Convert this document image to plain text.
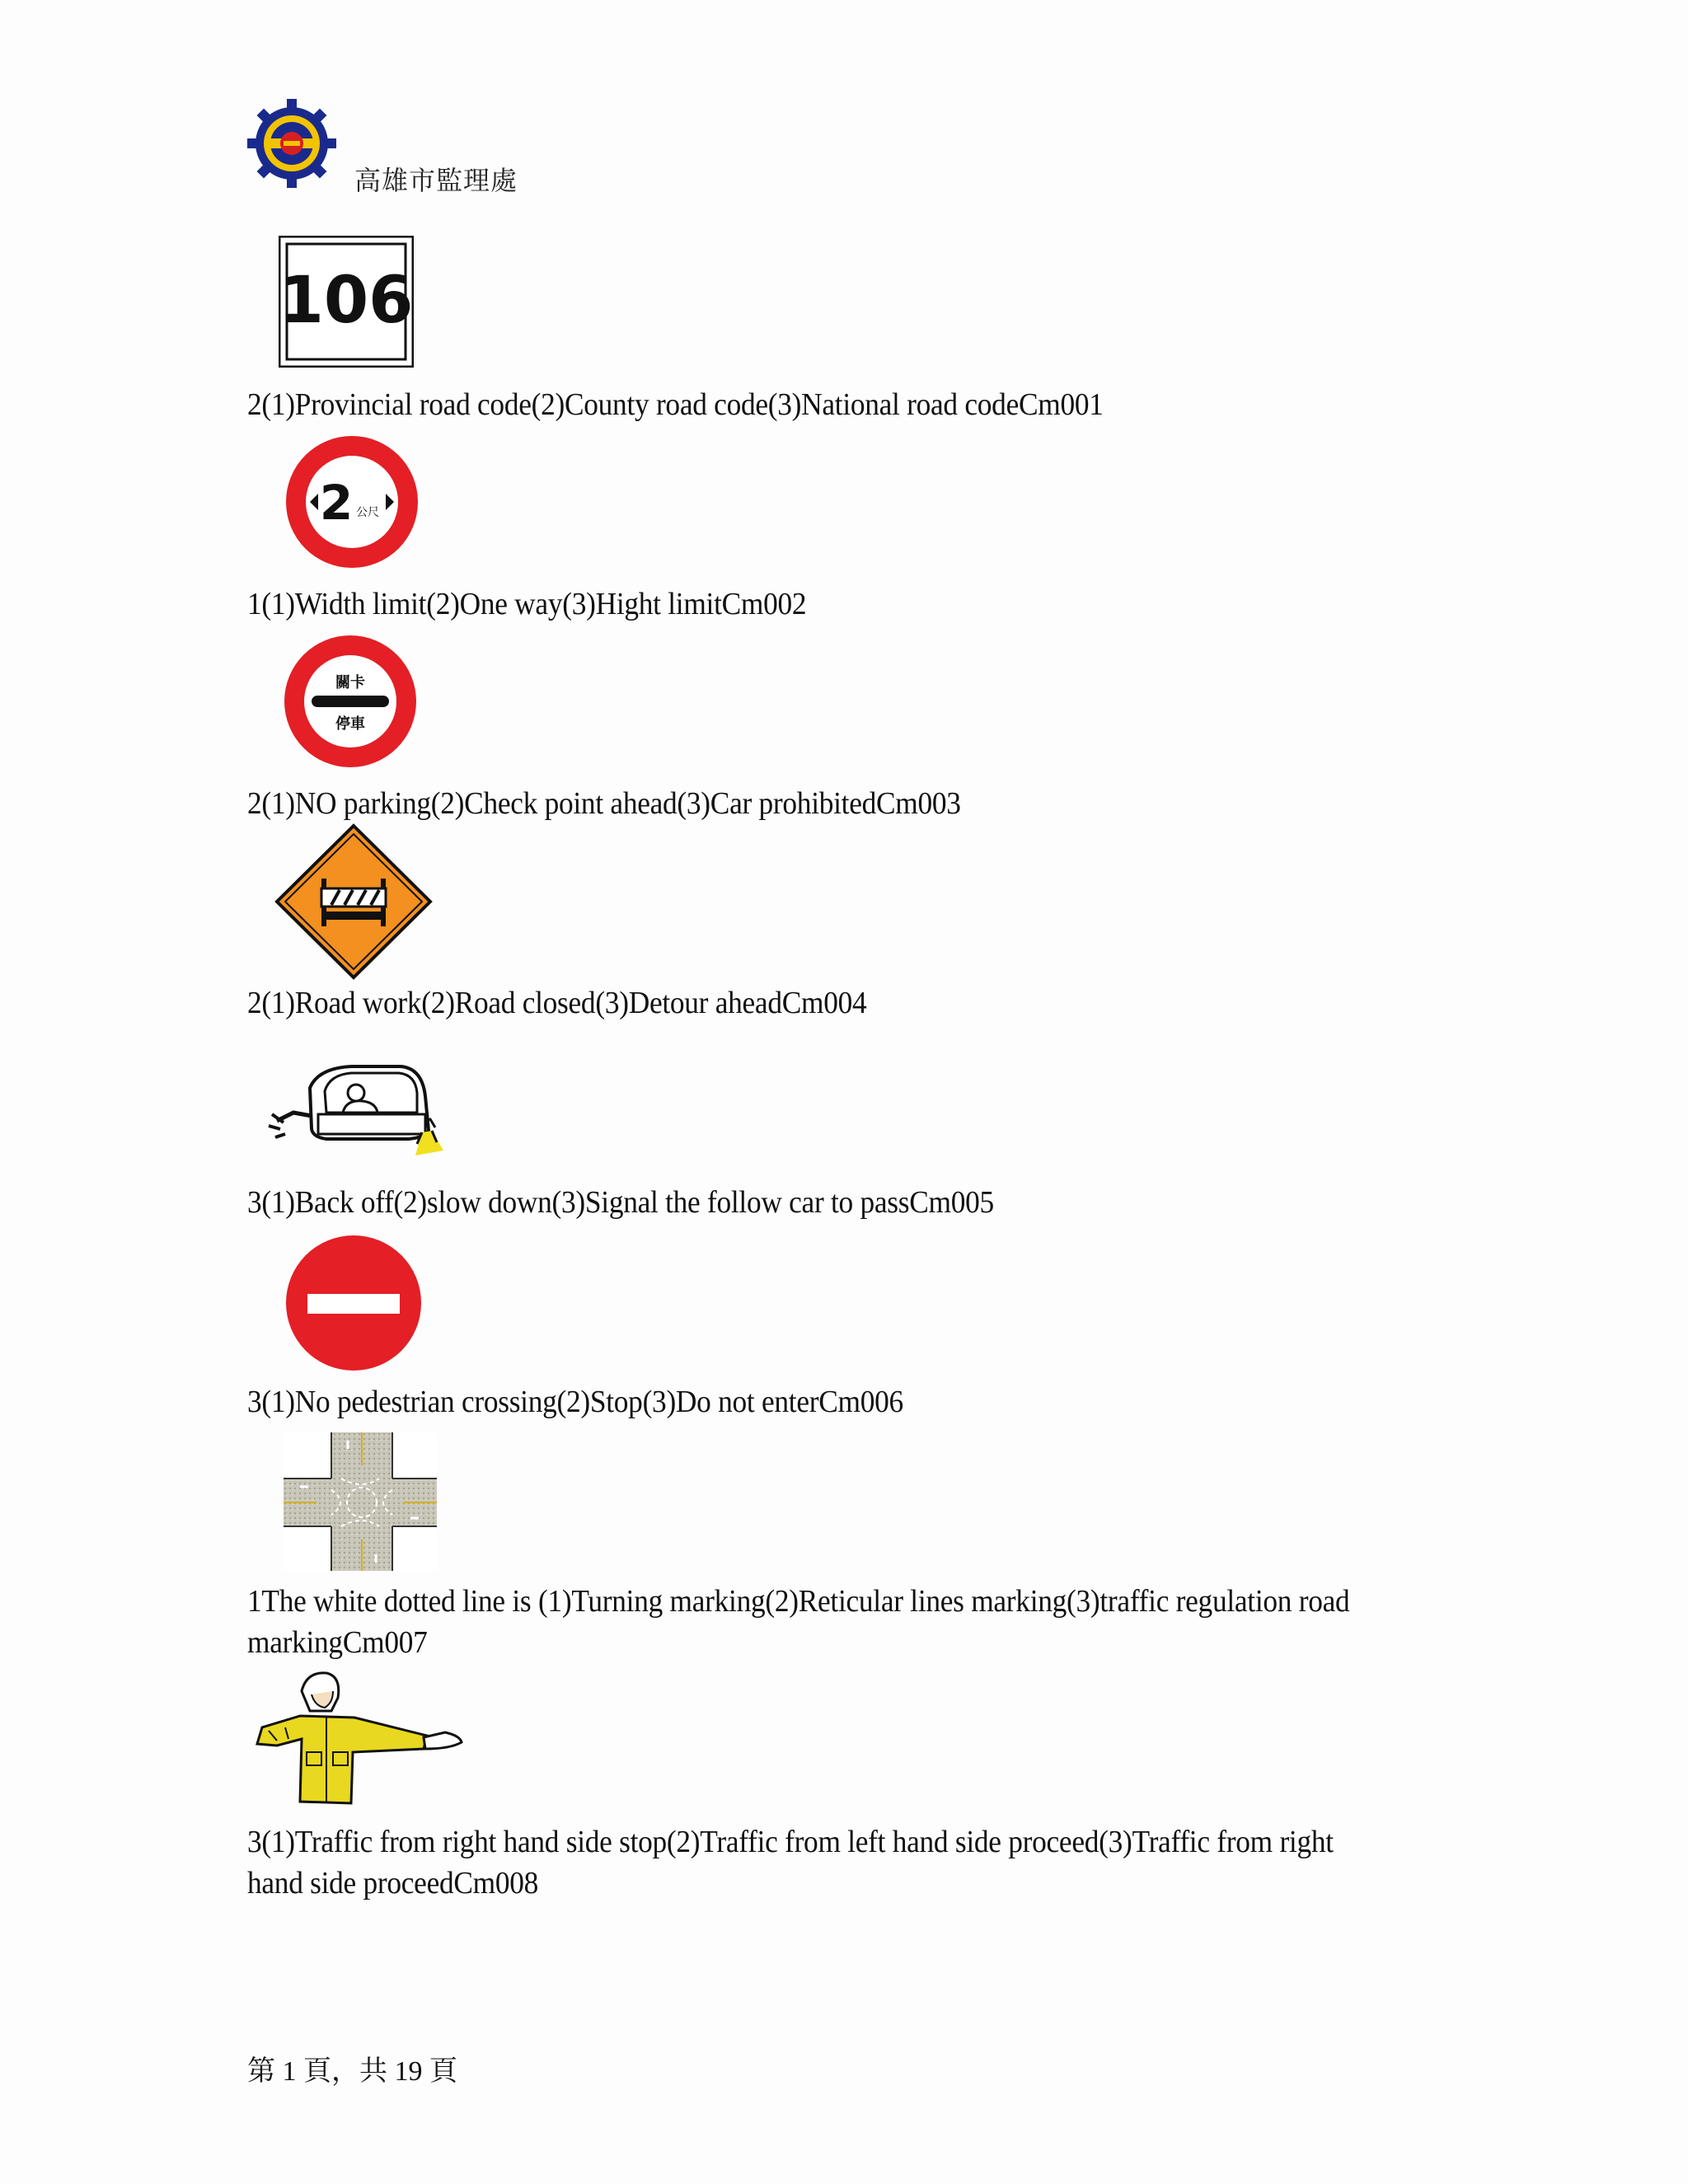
高雄市監理處
106
2(1)Provincial road code(2)County road code(3)National road codeCm001
2 公尺
1(1)Width limit(2)One way(3)Hight limitCm002
關卡
停車
2(1)NO parking(2)Check point ahead(3)Car prohibitedCm003
2(1)Road work(2)Road closed(3)Detour aheadCm004
3(1)Back off(2)slow down(3)Signal the follow car to passCm005
3(1)No pedestrian crossing(2)Stop(3)Do not enterCm006
1The white dotted line is (1)Turning marking(2)Reticular lines marking(3)traffic regulation road markingCm007
3(1)Traffic from right hand side stop(2)Traffic from left hand side proceed(3)Traffic from right hand side proceedCm008
第 1 頁，共 19 頁
